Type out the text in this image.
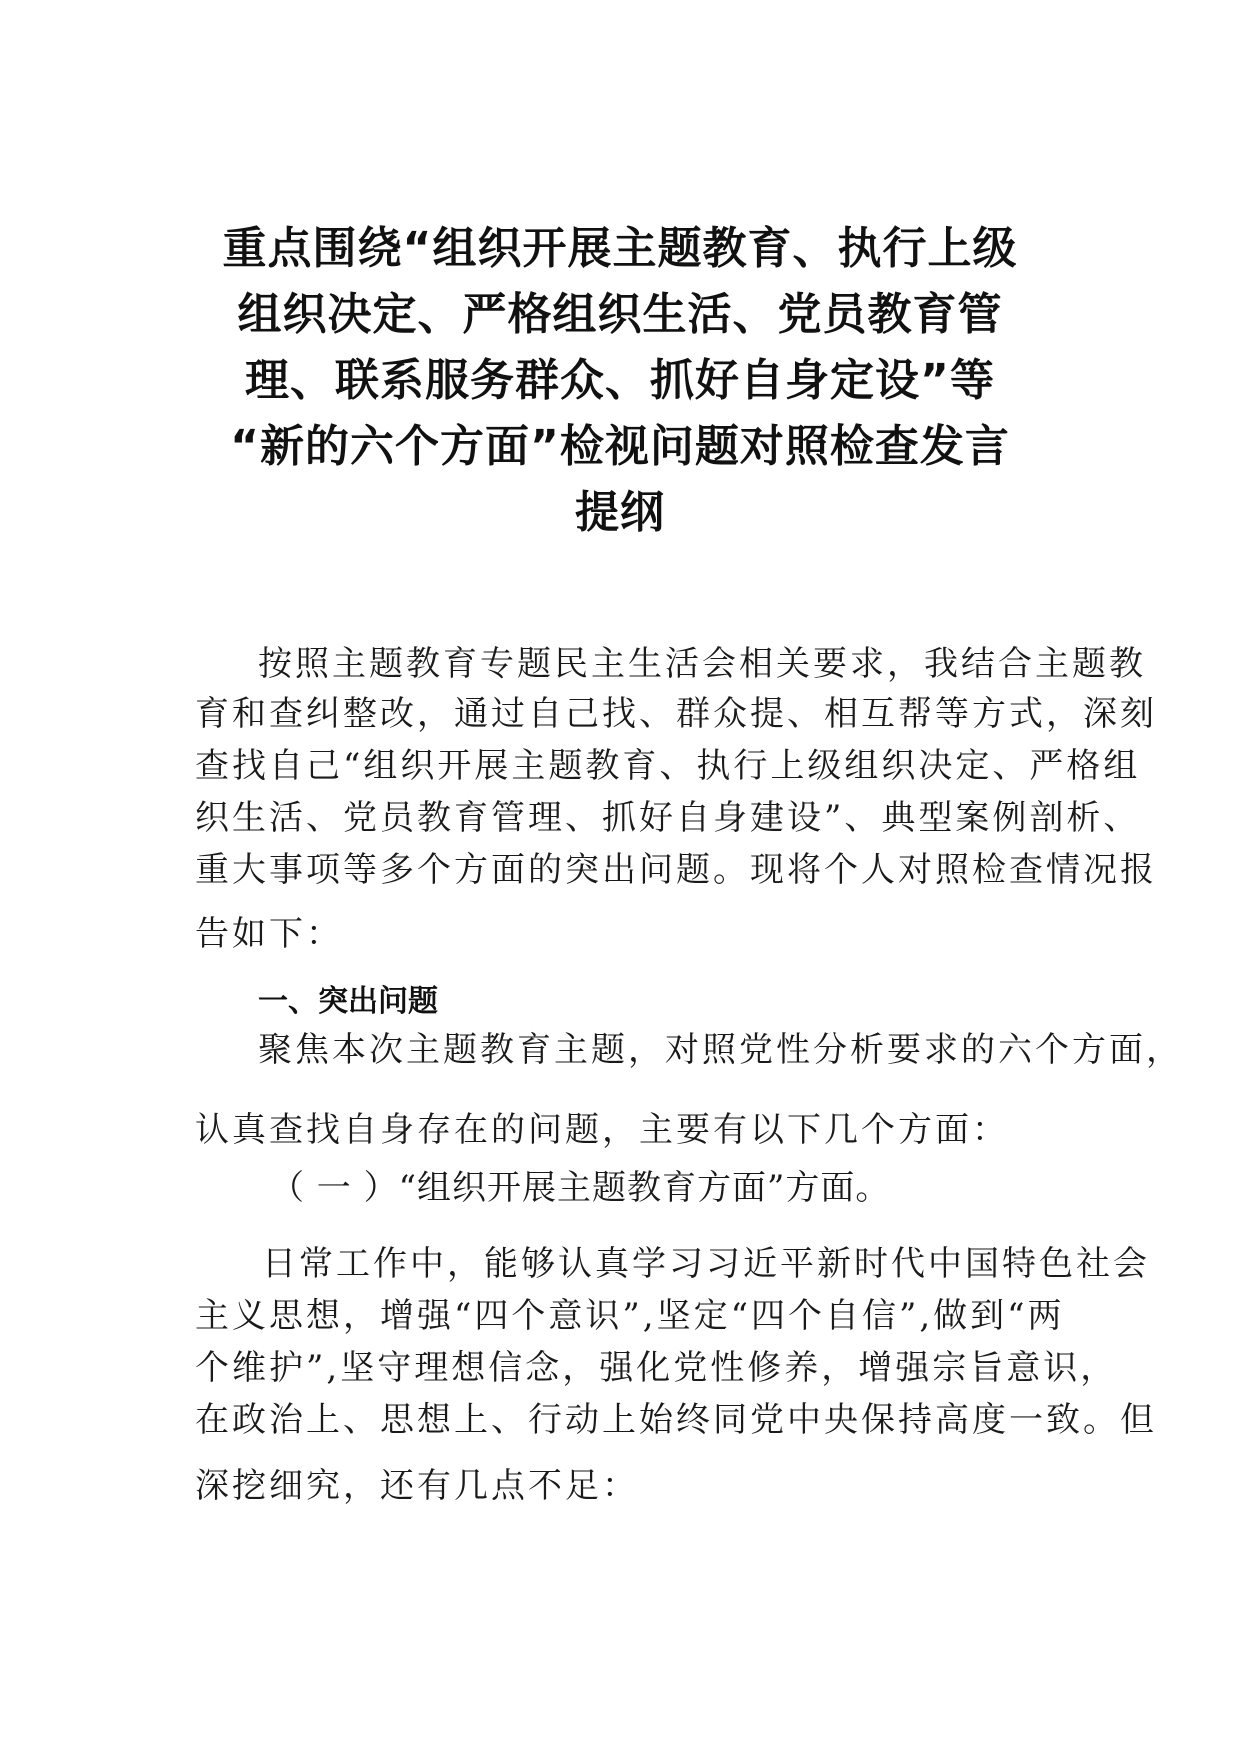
重点围绕“组织开展主题教育、执行上级
组织决定、严格组织生活、党员教育管
理、联系服务群众、抓好自身定设”等
“新的六个方面”检视问题对照检查发言
提纲
按照主题教育专题民主生活会相关要求，我结合主题教
育和查纠整改，通过自己找、群众提、相互帮等方式，深刻
查找自己“组织开展主题教育、执行上级组织决定、严格组
织生活、党员教育管理、抓好自身建设”、典型案例剖析、
重大事项等多个方面的突出问题。现将个人对照检查情况报
告如下：
一、突出问题
聚焦本次主题教育主题，对照党性分析要求的六个方面，
认真查找自身存在的问题，主要有以下几个方面：
（ 一 ）“组织开展主题教育方面”方面。
日常工作中，能够认真学习习近平新时代中国特色社会
主义思想，增强“四个意识”,坚定“四个自信”,做到“两
个维护”,坚守理想信念，强化党性修养，增强宗旨意识，
在政治上、思想上、行动上始终同党中央保持高度一致。但
深挖细究，还有几点不足：
